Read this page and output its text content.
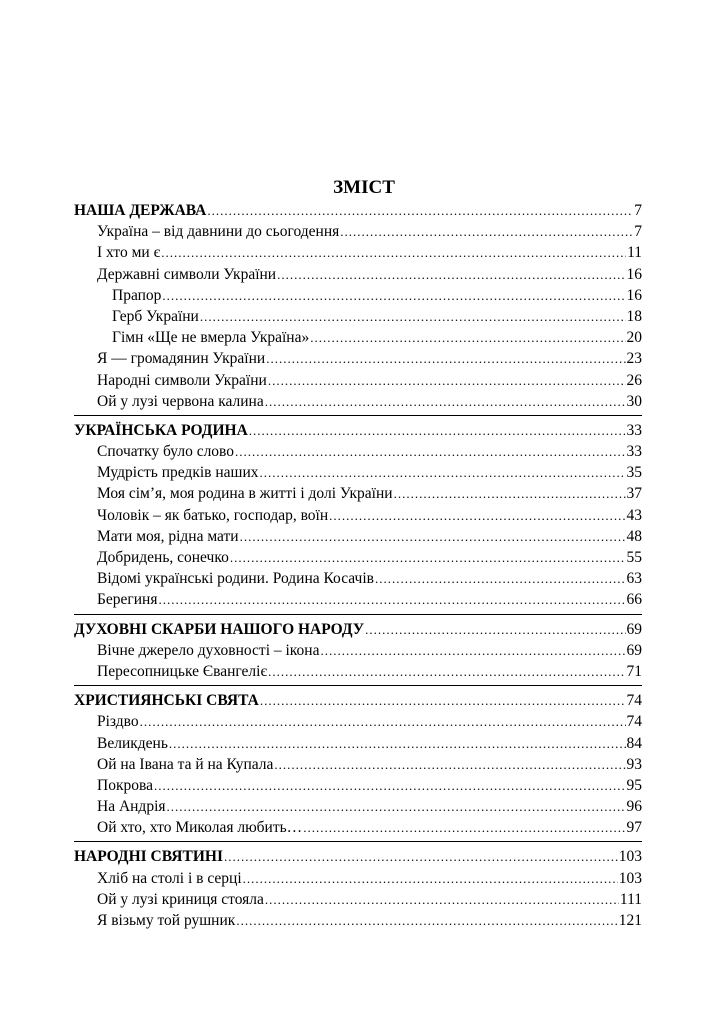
ЗМІСТ
НАША ДЕРЖАВА .....	7
Україна – від давнини до сьогодення .....	7
І хто ми є .....	11
Державні символи України .....	16
Прапор .....	16
Герб України .....	18
Гімн «Ще не вмерла Україна» .....	20
Я — громадянин України .....	23
Народні символи України .....	26
Ой у лузі червона калина .....	30
УКРАЇНСЬКА РОДИНА .....	33
Спочатку було слово .....	33
Мудрість предків наших .....	35
Моя сім’я, моя родина в житті і долі України .....	37
Чоловік – як батько, господар, воїн .....	43
Мати моя, рідна мати .....	48
Добридень, сонечко .....	55
Відомі українські родини. Родина Косачів .....	63
Берегиня .....	66
ДУХОВНІ СКАРБИ НАШОГО НАРОДУ .....	69
Вічне джерело духовності – ікона .....	69
Пересопницьке Євангеліє .....	71
ХРИСТИЯНСЬКІ СВЯТА .....	74
Різдво .....	74
Великдень .....	84
Ой на Івана та й на Купала .....	93
Покрова .....	95
На Андрія .....	96
Ой хто, хто Миколая любить… .....	97
НАРОДНІ СВЯТИНІ .....	103
Хліб на столі і в серці .....	103
Ой у лузі криниця стояла .....	111
Я візьму той рушник .....	121
